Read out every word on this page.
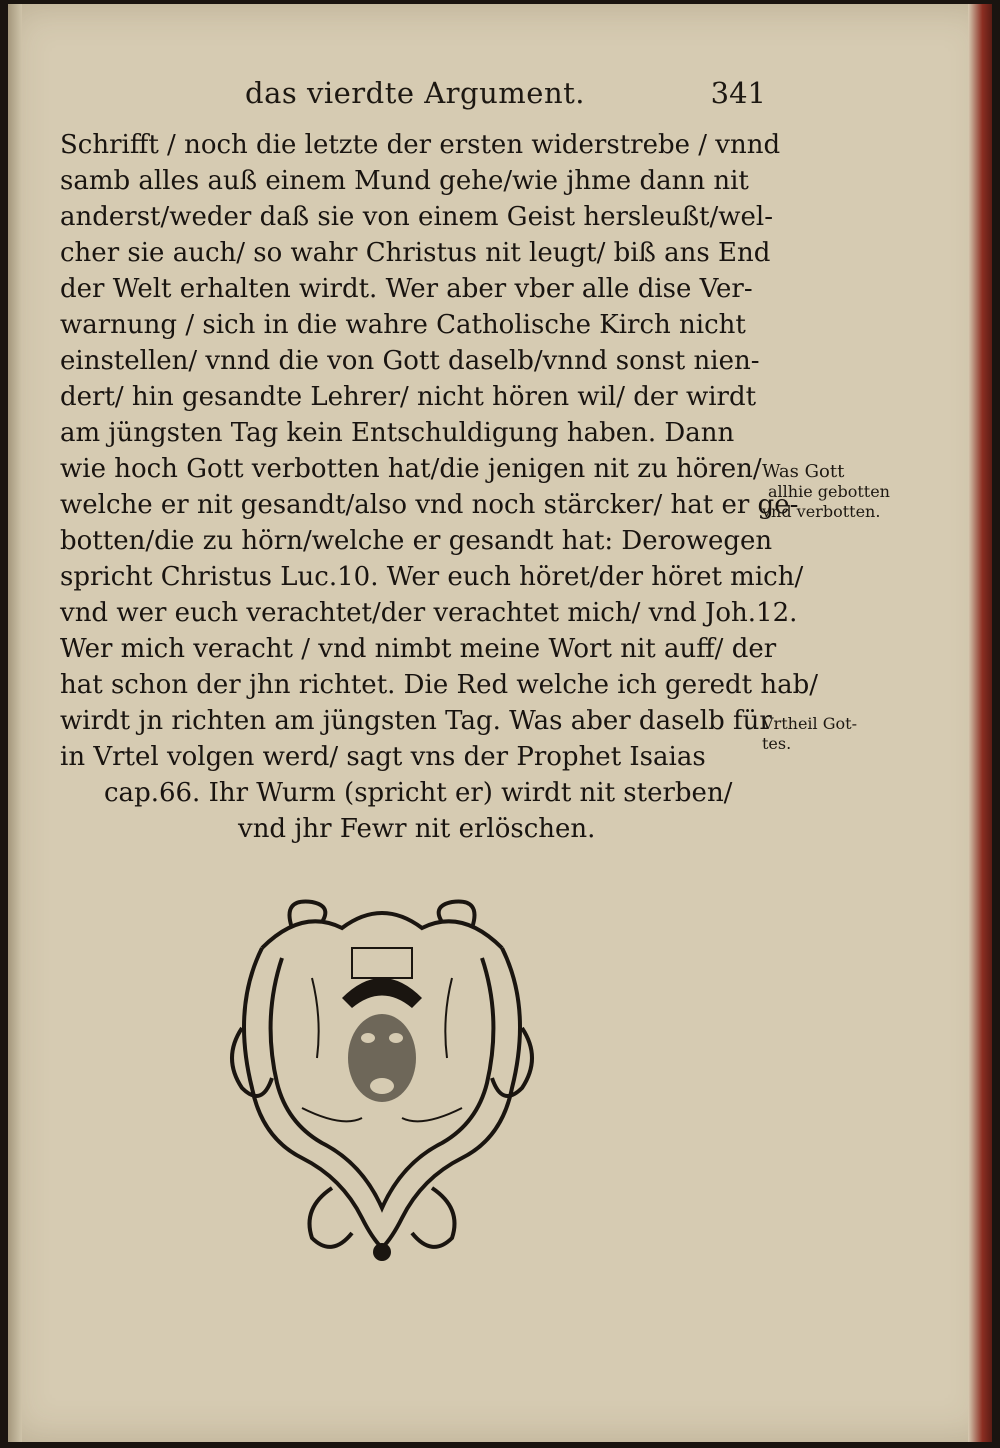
das vierdte Argument.	341
Schrifft / noch die letzte der ersten widerstrebe / vnnd
samb alles auß einem Mund gehe/wie jhme dann nit
anderst/weder daß sie von einem Geist hersleußt/wel‑
cher sie auch/ so wahr Christus nit leugt/ biß ans End
der Welt erhalten wirdt. Wer aber vber alle dise Ver‑
warnung / sich in die wahre Catholische Kirch nicht
einstellen/ vnnd die von Gott daselb/vnnd sonst nien‑
dert/ hin gesandte Lehrer/ nicht hören wil/ der wirdt
am jüngsten Tag kein Entschuldigung haben. Dann
wie hoch Gott verbotten hat/die jenigen nit zu hören/
welche er nit gesandt/also vnd noch stärcker/ hat er ge‑
botten/die zu hörn/welche er gesandt hat: Derowegen
spricht Christus Luc.10. Wer euch höret/der höret mich/
vnd wer euch verachtet/der verachtet mich/ vnd Joh.12.
Wer mich veracht / vnd nimbt meine Wort nit auff/ der
hat schon der jhn richtet. Die Red welche ich geredt hab/
wirdt jn richten am jüngsten Tag. Was aber daselb für
in Vrtel volgen werd/ sagt vns der Prophet Isaias
cap.66. Ihr Wurm (spricht er) wirdt nit sterben/
vnd jhr Fewr nit erlöschen.
Was Gott
allhie gebotten
vnd verbotten.
Vrtheil Got‑
tes.
